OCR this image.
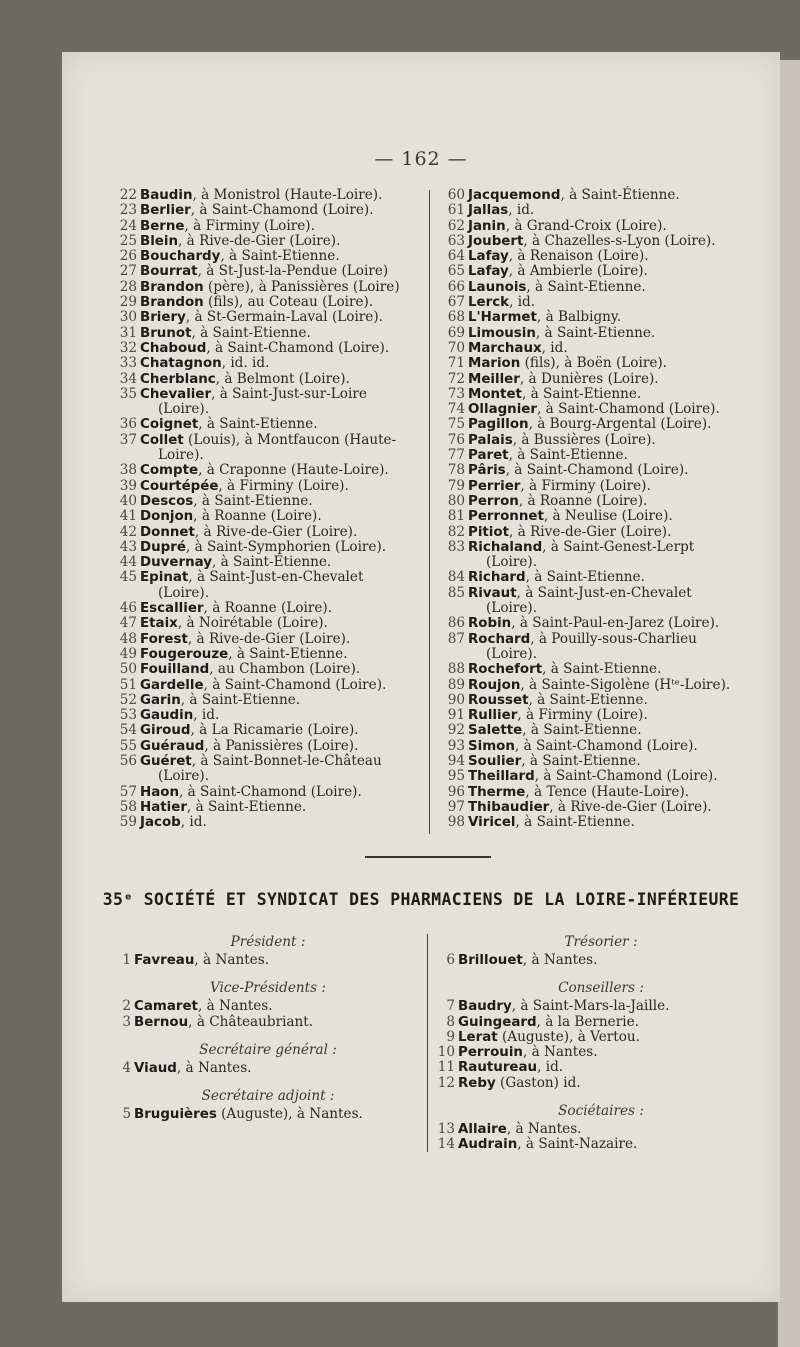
— 162 —
22 Baudin, à Monistrol (Haute-Loire).
23 Berlier, à Saint-Chamond (Loire).
24 Berne, à Firminy (Loire).
25 Blein, à Rive-de-Gier (Loire).
26 Bouchardy, à Saint-Etienne.
27 Bourrat, à St-Just-la-Pendue (Loire)
28 Brandon (père), à Panissières (Loire)
29 Brandon (fils), au Coteau (Loire).
30 Briery, à St-Germain-Laval (Loire).
31 Brunot, à Saint-Etienne.
32 Chaboud, à Saint-Chamond (Loire).
33 Chatagnon, id. id.
34 Cherblanc, à Belmont (Loire).
35 Chevalier, à Saint-Just-sur-Loire
(Loire).
36 Coignet, à Saint-Etienne.
37 Collet (Louis), à Montfaucon (Haute-
Loire).
38 Compte, à Craponne (Haute-Loire).
39 Courtépée, à Firminy (Loire).
40 Descos, à Saint-Etienne.
41 Donjon, à Roanne (Loire).
42 Donnet, à Rive-de-Gier (Loire).
43 Dupré, à Saint-Symphorien (Loire).
44 Duvernay, à Saint-Etienne.
45 Epinat, à Saint-Just-en-Chevalet
(Loire).
46 Escallier, à Roanne (Loire).
47 Etaix, à Noirétable (Loire).
48 Forest, à Rive-de-Gier (Loire).
49 Fougerouze, à Saint-Etienne.
50 Fouilland, au Chambon (Loire).
51 Gardelle, à Saint-Chamond (Loire).
52 Garin, à Saint-Etienne.
53 Gaudin, id.
54 Giroud, à La Ricamarie (Loire).
55 Guéraud, à Panissières (Loire).
56 Guéret, à Saint-Bonnet-le-Château
(Loire).
57 Haon, à Saint-Chamond (Loire).
58 Hatier, à Saint-Etienne.
59 Jacob, id.
60 Jacquemond, à Saint-Étienne.
61 Jallas, id.
62 Janin, à Grand-Croix (Loire).
63 Joubert, à Chazelles-s-Lyon (Loire).
64 Lafay, à Renaison (Loire).
65 Lafay, à Ambierle (Loire).
66 Launois, à Saint-Etienne.
67 Lerck, id.
68 L'Harmet, à Balbigny.
69 Limousin, à Saint-Etienne.
70 Marchaux, id.
71 Marion (fils), à Boën (Loire).
72 Meiller, à Dunières (Loire).
73 Montet, à Saint-Etienne.
74 Ollagnier, à Saint-Chamond (Loire).
75 Pagillon, à Bourg-Argental (Loire).
76 Palais, à Bussières (Loire).
77 Paret, à Saint-Etienne.
78 Pâris, à Saint-Chamond (Loire).
79 Perrier, à Firminy (Loire).
80 Perron, à Roanne (Loire).
81 Perronnet, à Neulise (Loire).
82 Pitiot, à Rive-de-Gier (Loire).
83 Richaland, à Saint-Genest-Lerpt
(Loire).
84 Richard, à Saint-Etienne.
85 Rivaut, à Saint-Just-en-Chevalet
(Loire).
86 Robin, à Saint-Paul-en-Jarez (Loire).
87 Rochard, à Pouilly-sous-Charlieu
(Loire).
88 Rochefort, à Saint-Etienne.
89 Roujon, à Sainte-Sigolène (Hᵗᵉ-Loire).
90 Rousset, à Saint-Etienne.
91 Rullier, à Firminy (Loire).
92 Salette, à Saint-Etienne.
93 Simon, à Saint-Chamond (Loire).
94 Soulier, à Saint-Etienne.
95 Theillard, à Saint-Chamond (Loire).
96 Therme, à Tence (Haute-Loire).
97 Thibaudier, à Rive-de-Gier (Loire).
98 Viricel, à Saint-Etienne.
35ᵉ SOCIÉTÉ ET SYNDICAT DES PHARMACIENS DE LA LOIRE-INFÉRIEURE
Président :
1 Favreau, à Nantes.
Vice-Présidents :
2 Camaret, à Nantes.
3 Bernou, à Châteaubriant.
Secrétaire général :
4 Viaud, à Nantes.
Secrétaire adjoint :
5 Bruguières (Auguste), à Nantes.
Trésorier :
6 Brillouet, à Nantes.
Conseillers :
7 Baudry, à Saint-Mars-la-Jaille.
8 Guingeard, à la Bernerie.
9 Lerat (Auguste), à Vertou.
10 Perrouin, à Nantes.
11 Rautureau, id.
12 Reby (Gaston) id.
Sociétaires :
13 Allaire, à Nantes.
14 Audrain, à Saint-Nazaire.
